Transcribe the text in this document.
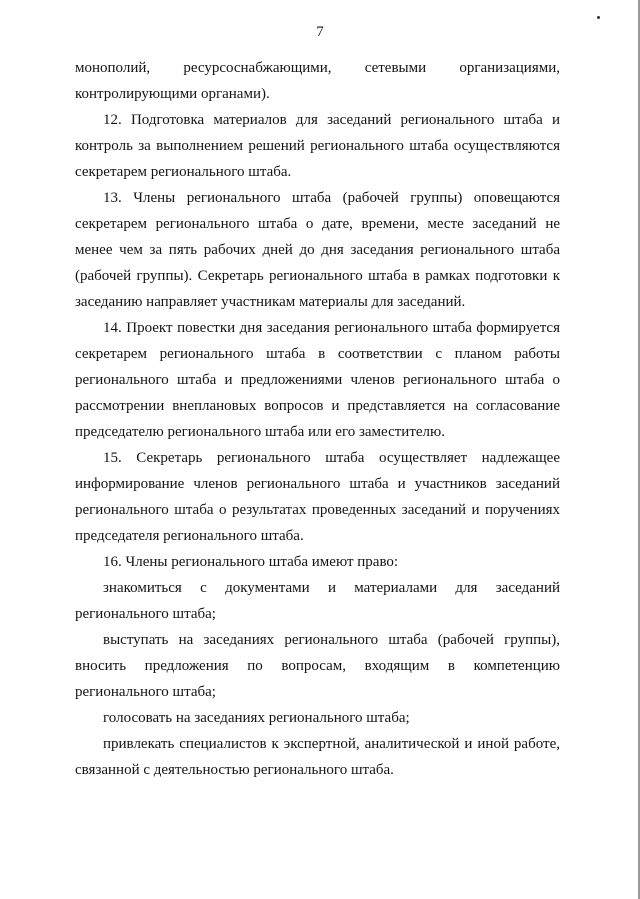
7

монополий, ресурсоснабжающими, сетевыми организациями, контролирующими органами).

12. Подготовка материалов для заседаний регионального штаба и контроль за выполнением решений регионального штаба осуществляются секретарем регионального штаба.

13. Члены регионального штаба (рабочей группы) оповещаются секретарем регионального штаба о дате, времени, месте заседаний не менее чем за пять рабочих дней до дня заседания регионального штаба (рабочей группы). Секретарь регионального штаба в рамках подготовки к заседанию направляет участникам материалы для заседаний.

14. Проект повестки дня заседания регионального штаба формируется секретарем регионального штаба в соответствии с планом работы регионального штаба и предложениями членов регионального штаба о рассмотрении внеплановых вопросов и представляется на согласование председателю регионального штаба или его заместителю.

15. Секретарь регионального штаба осуществляет надлежащее информирование членов регионального штаба и участников заседаний регионального штаба о результатах проведенных заседаний и поручениях председателя регионального штаба.

16. Члены регионального штаба имеют право:

знакомиться с документами и материалами для заседаний регионального штаба;

выступать на заседаниях регионального штаба (рабочей группы), вносить предложения по вопросам, входящим в компетенцию регионального штаба;

голосовать на заседаниях регионального штаба;

привлекать специалистов к экспертной, аналитической и иной работе, связанной с деятельностью регионального штаба.
